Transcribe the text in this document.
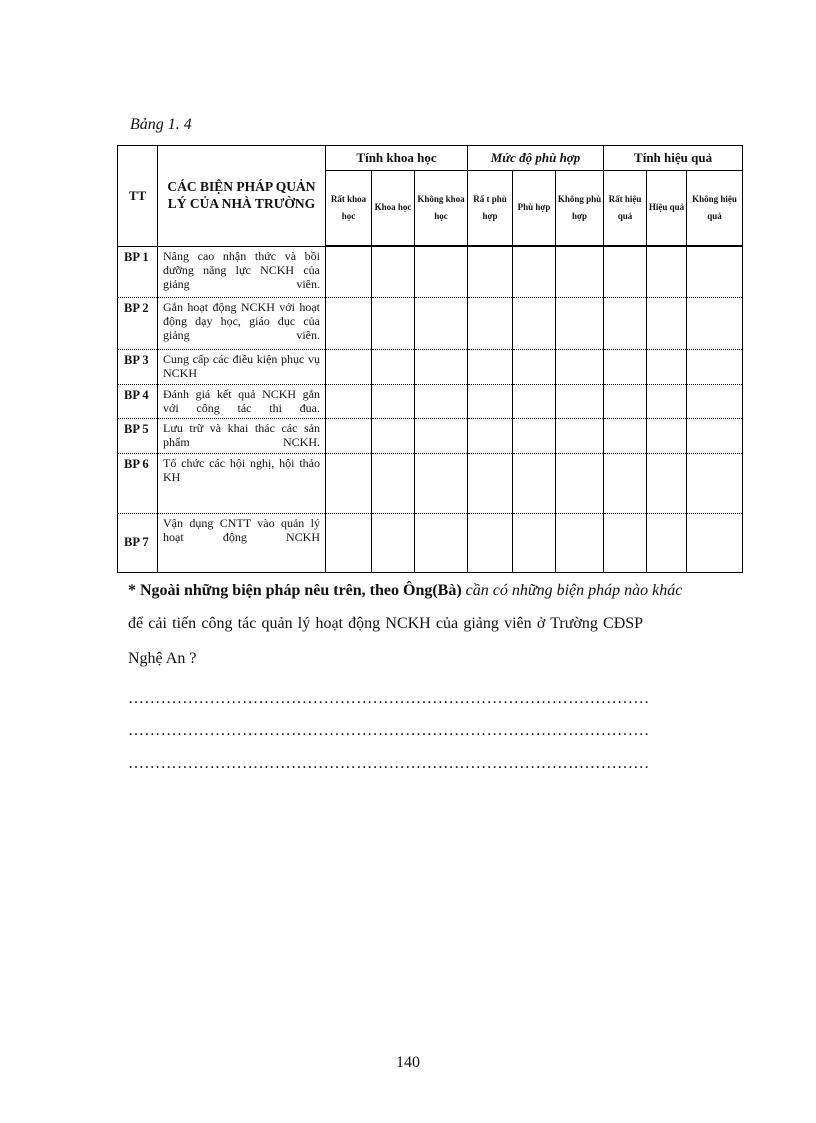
Bảng 1. 4
TT	CÁC BIỆN PHÁP QUẢN LÝ CỦA NHÀ TRƯỜNG	Tính khoa học			Mức độ phù hợp			Tính hiệu quả		
		Rất khoa học	Khoa học	Không khoa học	Rấ t phù hợp	Phù hợp	Không phù hợp	Rất hiệu quả	Hiệu quả	Không hiệu quả
BP 1	Nâng cao nhận thức và bồi dưỡng năng lực NCKH của giảng viên.									
BP 2	Gắn hoạt động NCKH với hoạt động dạy học, giáo dục của giảng viên.									
BP 3	Cung cấp các điều kiện phục vụ NCKH									
BP 4	Đánh giá kết quả NCKH gắn với công tác thi đua.									
BP 5	Lưu trữ và khai thác các sản phẩm NCKH.									
BP 6	Tổ chức các hội nghị, hội thảo KH									
BP 7	Vận dụng CNTT vào quản lý hoạt động NCKH									
* Ngoài những biện pháp nêu trên, theo Ông(Bà) cần có những biện pháp nào khác
để cải tiến công tác quản lý hoạt động NCKH của giảng viên ở Trường CĐSP
Nghệ An ?
……………………………………………………………………………………
……………………………………………………………………………………
……………………………………………………………………………………
140
